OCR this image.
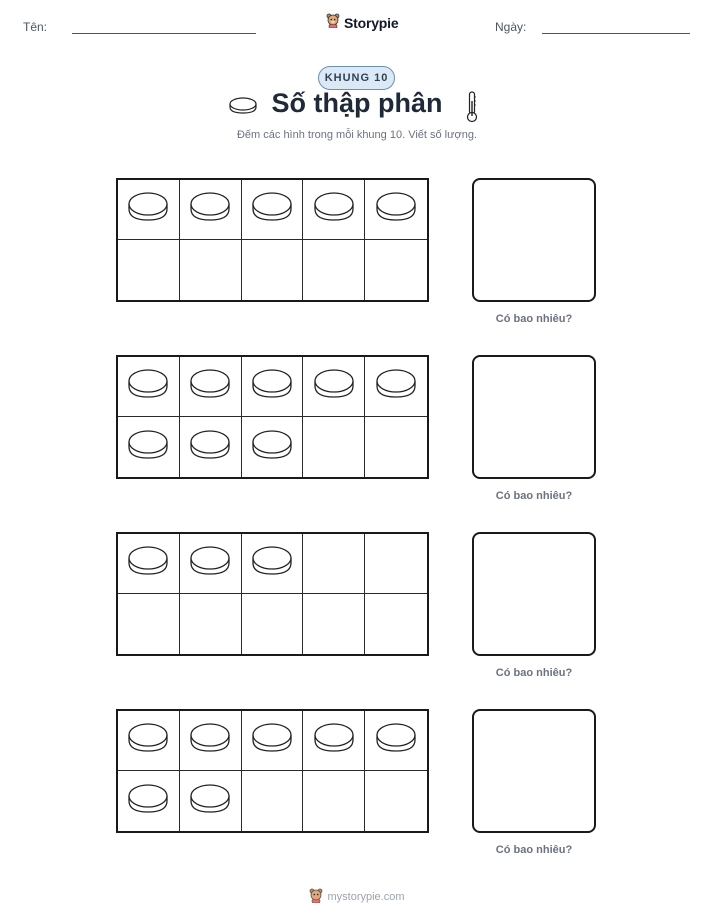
Tên:	Storypie	Ngày:
KHUNG 10
Số thập phân
Đếm các hình trong mỗi khung 10. Viết số lượng.
Có bao nhiêu?
Có bao nhiêu?
Có bao nhiêu?
Có bao nhiêu?
mystorypie.com
